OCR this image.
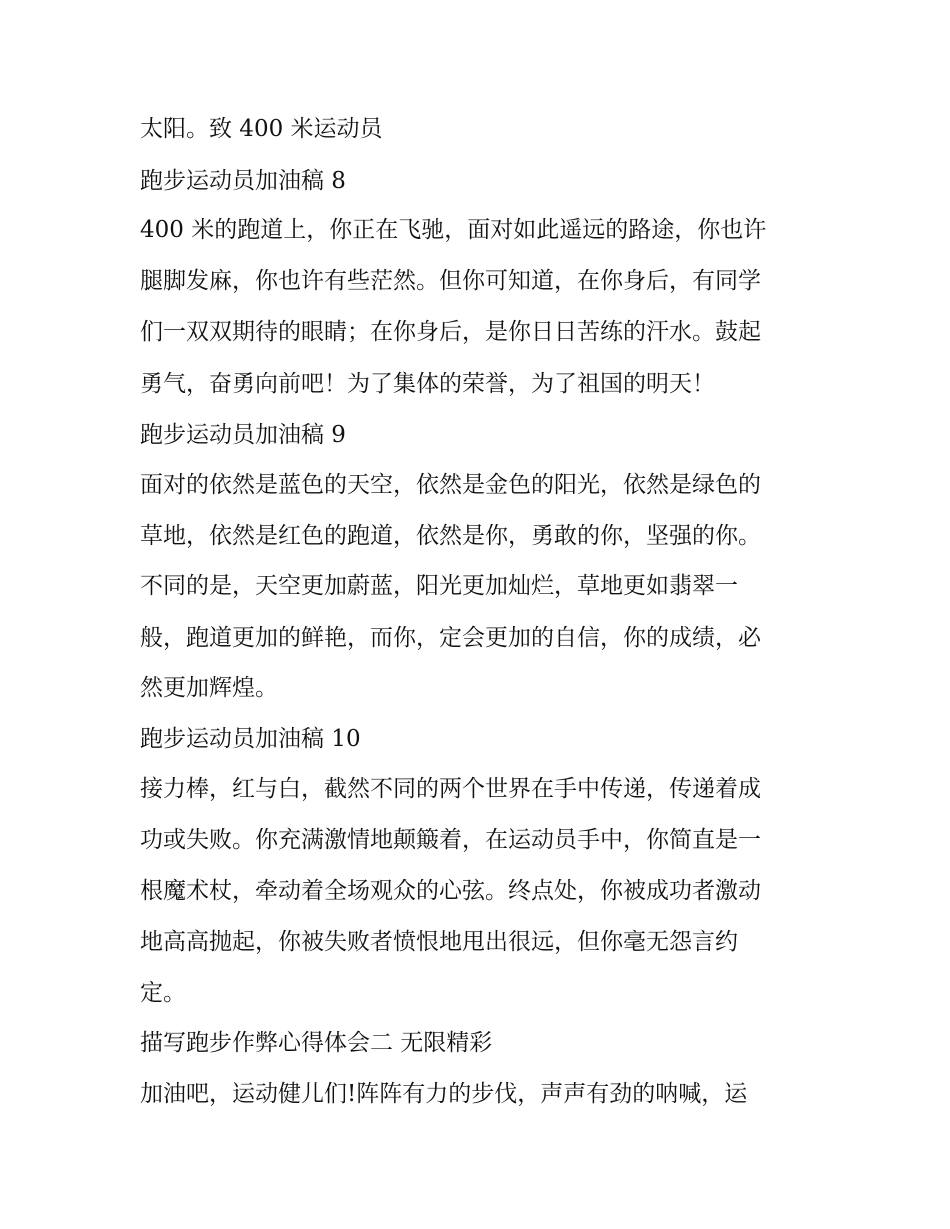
太阳。致 400 米运动员
跑步运动员加油稿 8
400 米的跑道上，你正在飞驰，面对如此遥远的路途，你也许
腿脚发麻，你也许有些茫然。但你可知道，在你身后，有同学
们一双双期待的眼睛；在你身后，是你日日苦练的汗水。鼓起
勇气，奋勇向前吧！为了集体的荣誉，为了祖国的明天！
跑步运动员加油稿 9
面对的依然是蓝色的天空，依然是金色的阳光，依然是绿色的
草地，依然是红色的跑道，依然是你，勇敢的你，坚强的你。
不同的是，天空更加蔚蓝，阳光更加灿烂，草地更如翡翠一
般，跑道更加的鲜艳，而你，定会更加的自信，你的成绩，必
然更加辉煌。
跑步运动员加油稿 10
接力棒，红与白，截然不同的两个世界在手中传递，传递着成
功或失败。你充满激情地颠簸着，在运动员手中，你简直是一
根魔术杖，牵动着全场观众的心弦。终点处，你被成功者激动
地高高抛起，你被失败者愤恨地甩出很远，但你毫无怨言约
定。
描写跑步作弊心得体会二 无限精彩
加油吧，运动健儿们!阵阵有力的步伐，声声有劲的呐喊，运
